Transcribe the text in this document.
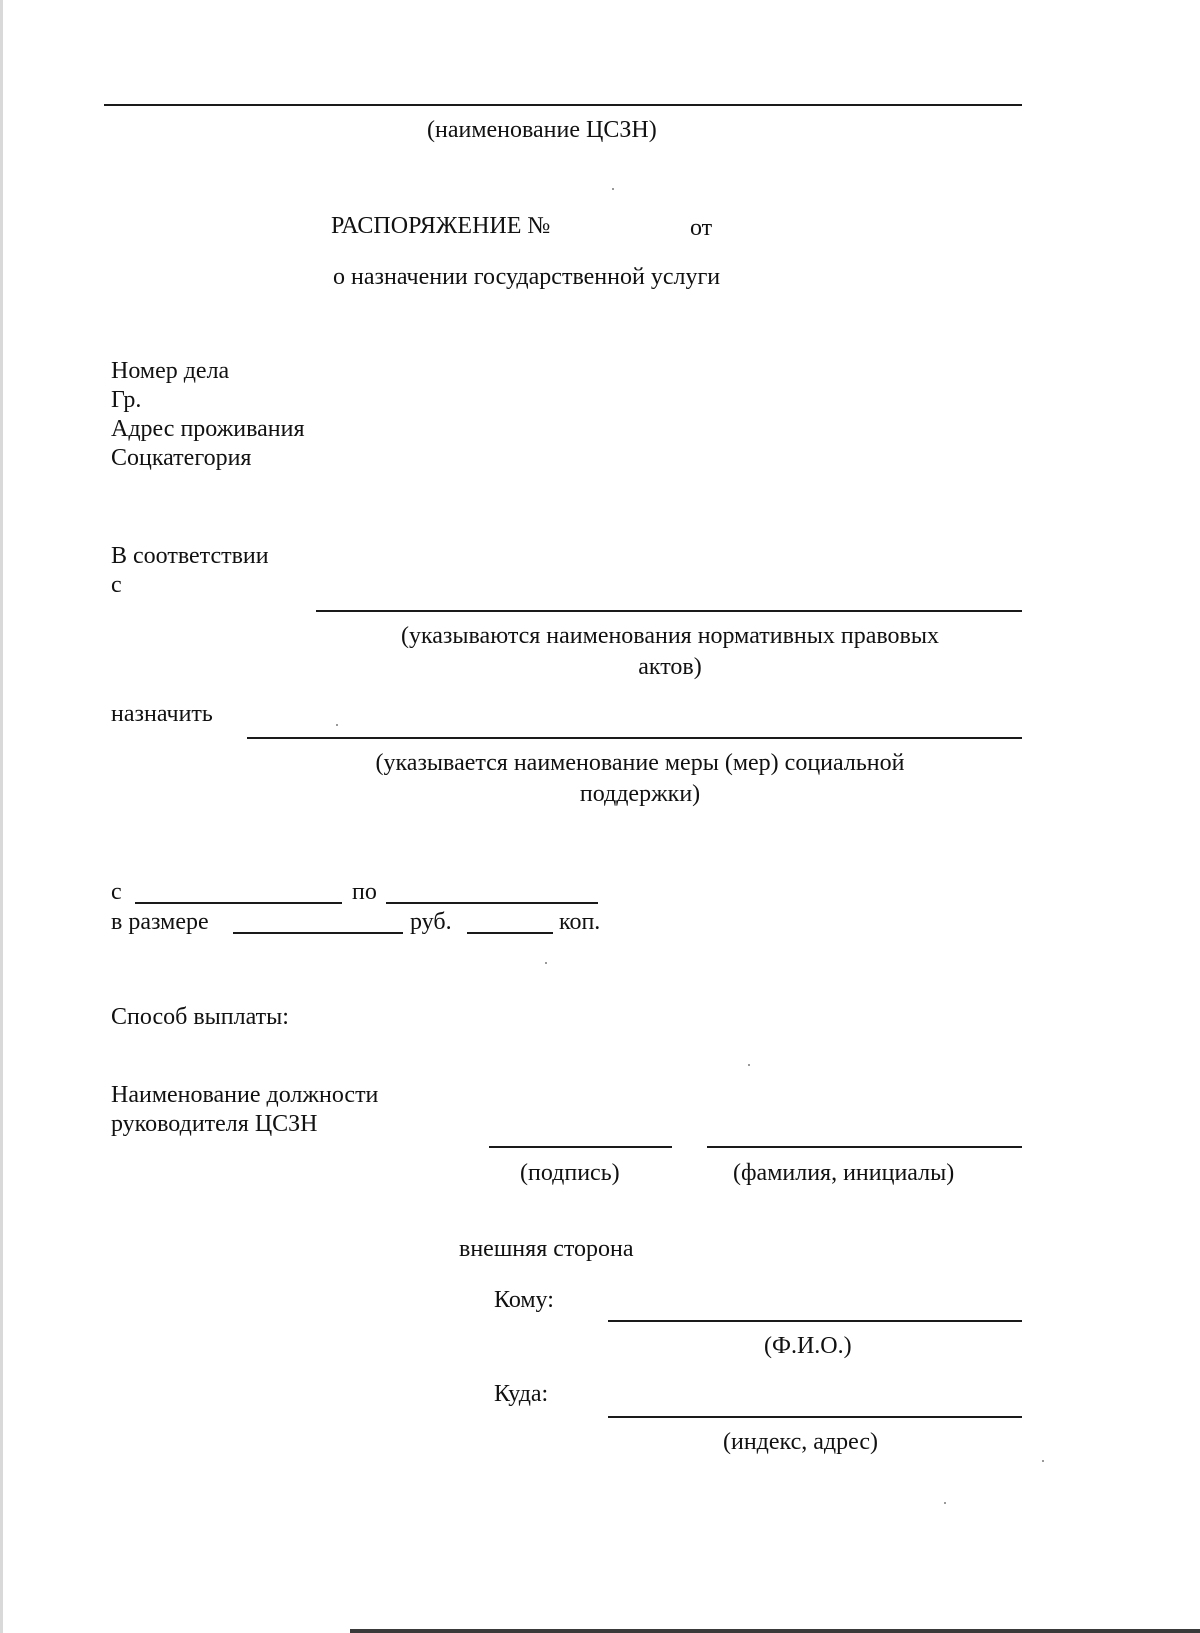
(наименование ЦСЗН)
РАСПОРЯЖЕНИЕ №	от
о назначении государственной услуги
Номер дела
Гр.
Адрес проживания
Соцкатегория
В соответствии
с
(указываются наименования нормативных правовых
актов)
назначить
(указывается наименование меры (мер) социальной
поддержки)
с	по
в размере	руб.	коп.
Способ выплаты:
Наименование должности
руководителя ЦСЗН
(подпись)	(фамилия, инициалы)
внешняя сторона
Кому:
(Ф.И.О.)
Куда:
(индекс, адрес)
